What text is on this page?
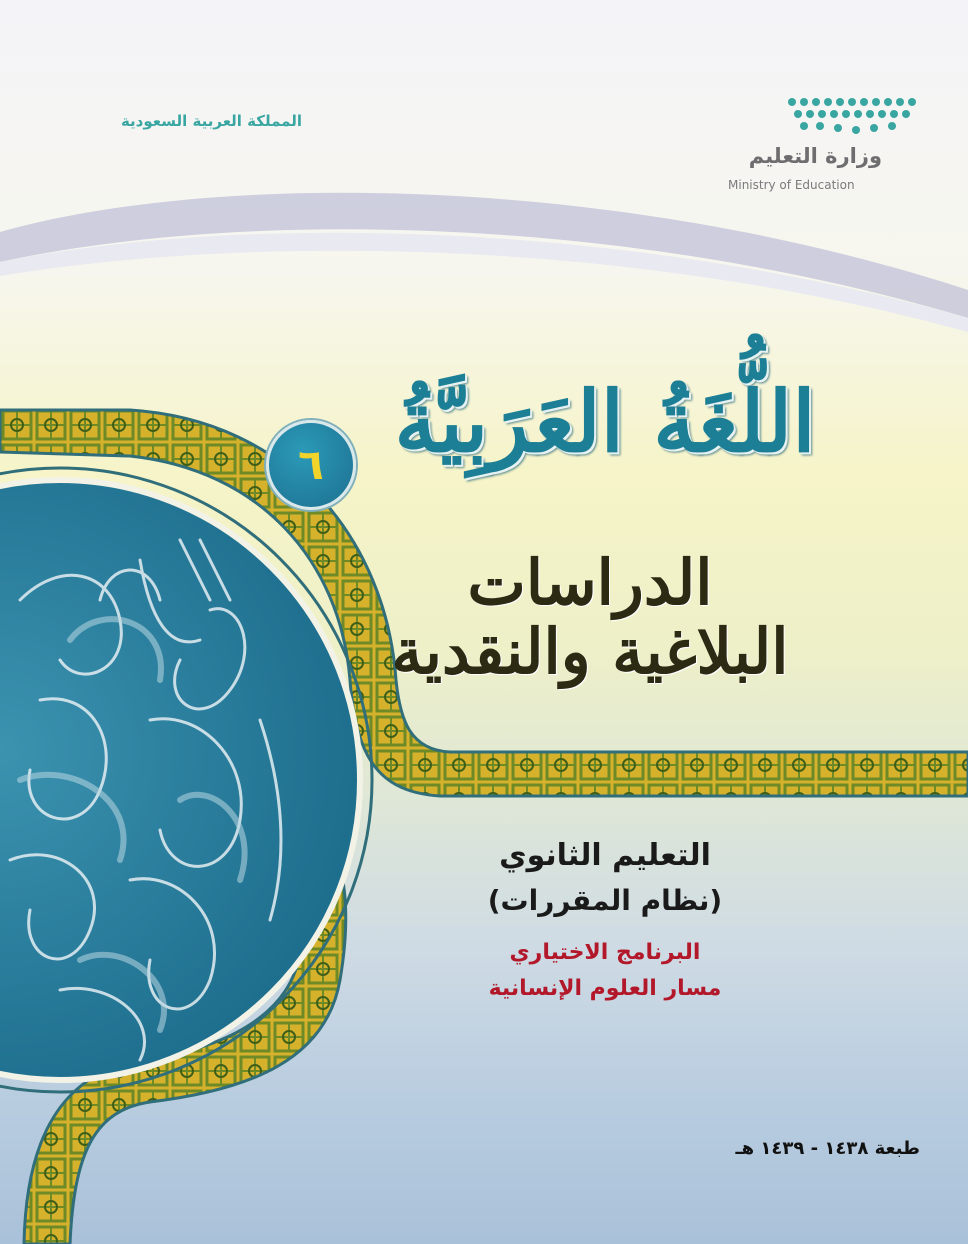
المملكة العربية السعودية
وزارة التعليم
Ministry of Education
اللُّغَةُ العَرَبِيَّةُ
٦
الدراسات
البلاغية والنقدية
التعليم الثانوي
(نظام المقررات)
البرنامج الاختياري
مسار العلوم الإنسانية
طبعة ١٤٣٨ - ١٤٣٩ هـ
